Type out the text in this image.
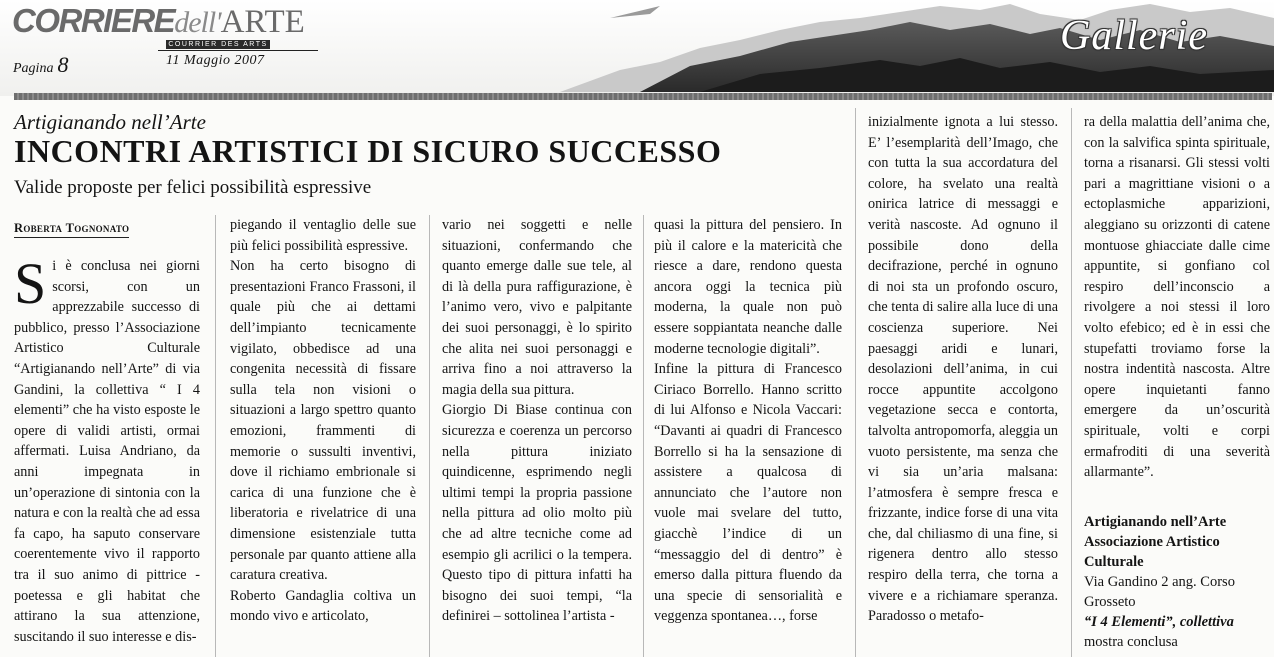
CORRIEREdell'ARTE
COURRIER DES ARTS
Pagina 8	11 Maggio 2007
Gallerie
Artigianando nell’Arte
INCONTRI ARTISTICI DI SICURO SUCCESSO
Valide proposte per felici possibilità espressive
Roberta Tognonato
Si è conclusa nei giorni scorsi, con un apprezzabile successo di pubblico, presso l’Associazione Artistico Culturale “Artigianando nell’Arte” di via Gandini, la collettiva “ I 4 elementi” che ha visto esposte le opere di validi artisti, ormai affermati. Luisa Andriano, da anni impegnata in un’operazione di sintonia con la natura e con la realtà che ad essa fa capo, ha saputo conservare coerentemente vivo il rapporto tra il suo animo di pittrice - poetessa e gli habitat che attirano la sua attenzione, suscitando il suo interesse e dis-

piegando il ventaglio delle sue più felici possibilità espressive.

Non ha certo bisogno di presentazioni Franco Frassoni, il quale più che ai dettami dell’impianto tecnicamente vigilato, obbedisce ad una congenita necessità di fissare sulla tela non visioni o situazioni a largo spettro quanto emozioni, frammenti di memorie o sussulti inventivi, dove il richiamo embrionale si carica di una funzione che è liberatoria e rivelatrice di una dimensione esistenziale tutta personale par quanto attiene alla caratura creativa.

Roberto Gandaglia coltiva un mondo vivo e articolato,

vario nei soggetti e nelle situazioni, confermando che quanto emerge dalle sue tele, al di là della pura raffigurazione, è l’animo vero, vivo e palpitante dei suoi personaggi, è lo spirito che alita nei suoi personaggi e arriva fino a noi attraverso la magia della sua pittura.

Giorgio Di Biase continua con sicurezza e coerenza un percorso nella pittura iniziato quindicenne, esprimendo negli ultimi tempi la propria passione nella pittura ad olio molto più che ad altre tecniche come ad esempio gli acrilici o la tempera. Questo tipo di pittura infatti ha bisogno dei suoi tempi, “la definirei – sottolinea l’artista -

quasi la pittura del pensiero. In più il calore e la matericità che riesce a dare, rendono questa ancora oggi la tecnica più moderna, la quale non può essere soppiantata neanche dalle moderne tecnologie digitali”.

Infine la pittura di Francesco Ciriaco Borrello. Hanno scritto di lui Alfonso e Nicola Vaccari: “Davanti ai quadri di Francesco Borrello si ha la sensazione di assistere a qualcosa di annunciato che l’autore non vuole mai svelare del tutto, giacchè l’indice di un “messaggio del di dentro” è emerso dalla pittura fluendo da una specie di sensorialità e veggenza spontanea…, forse

inizialmente ignota a lui stesso. E’ l’esemplarità dell’Imago, che con tutta la sua accordatura del colore, ha svelato una realtà onirica latrice di messaggi e verità nascoste. Ad ognuno il possibile dono della decifrazione, perché in ognuno di noi sta un profondo oscuro, che tenta di salire alla luce di una coscienza superiore. Nei paesaggi aridi e lunari, desolazioni dell’anima, in cui rocce appuntite accolgono vegetazione secca e contorta, talvolta antropomorfa, aleggia un vuoto persistente, ma senza che vi sia un’aria malsana: l’atmosfera è sempre fresca e frizzante, indice forse di una vita che, dal chiliasmo di una fine, si rigenera dentro allo stesso respiro della terra, che torna a vivere e a richiamare speranza. Paradosso o metafo-

ra della malattia dell’anima che, con la salvifica spinta spirituale, torna a risanarsi. Gli stessi volti pari a magrittiane visioni o a ectoplasmiche apparizioni, aleggiano su orizzonti di catene montuose ghiacciate dalle cime appuntite, si gonfiano col respiro dell’inconscio a rivolgere a noi stessi il loro volto efebico; ed è in essi che stupefatti troviamo forse la nostra indentità nascosta. Altre opere inquietanti fanno emergere da un’oscurità spirituale, volti e corpi ermafroditi di una severità allarmante”.

Artigianando nell’Arte
Associazione Artistico Culturale
Via Gandino 2 ang. Corso Grosseto
“I 4 Elementi”, collettiva
mostra conclusa
